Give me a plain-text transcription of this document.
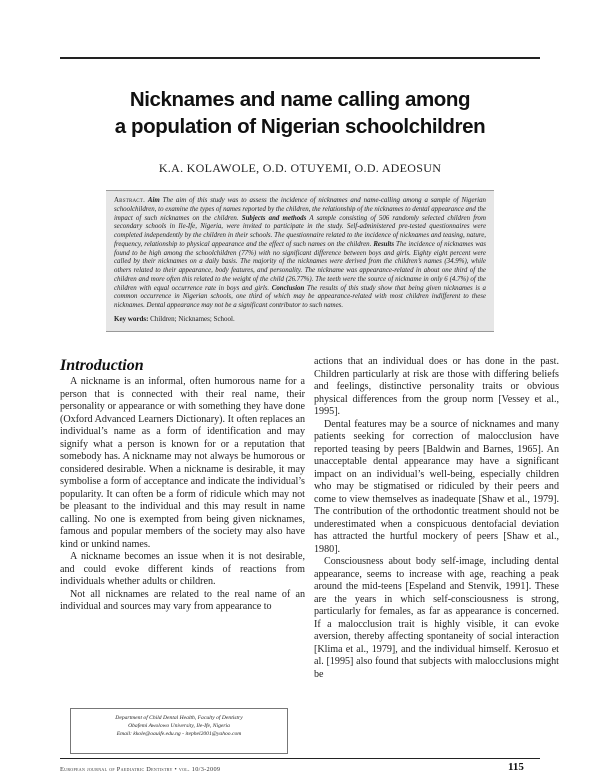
Nicknames and name calling among
a population of Nigerian schoolchildren
K.A. KOLAWOLE, O.D. OTUYEMI, O.D. ADEOSUN

Abstract. Aim The aim of this study was to assess the incidence of nicknames and name-calling among a sample of Nigerian schoolchildren, to examine the types of names reported by the children, the relationship of the nicknames to dental appearance and the impact of such nicknames on the children. Subjects and methods A sample consisting of 506 randomly selected children from secondary schools in Ile-Ife, Nigeria, were invited to participate in the study. Self-administered pre-tested questionnaires were completed independently by the children in their schools. The questionnaire related to the incidence of nicknames and teasing, nature, frequency, relationship to physical appearance and the effect of such names on the children. Results The incidence of nicknames was found to be high among the schoolchildren (77%) with no significant difference between boys and girls. Eighty eight percent were called by their nicknames on a daily basis. The majority of the nicknames were derived from the children’s names (34.9%), while others related to their appearance, body features, and personality. The nickname was appearance-related in about one third of the children and more often this related to the weight of the child (26.77%). The teeth were the source of nickname in only 6 (4.7%) of the children with equal occurrence rate in boys and girls. Conclusion The results of this study show that being given nicknames is a common occurrence in Nigerian schools, one third of which may be appearance-related with most children indifferent to these nicknames. Dental appearance may not be a significant contributor to such names.

Key words: Children; Nicknames; School.

Introduction

A nickname is an informal, often humorous name for a person that is connected with their real name, their personality or appearance or with something they have done (Oxford Advanced Learners Dictionary). It often replaces an individual’s name as a form of identification and may signify what a person is known for or a reputation that somebody has. A nickname may not always be humorous or considered desirable. When a nickname is desirable, it may symbolise a form of acceptance and indicate the individual’s popularity. It can often be a form of ridicule which may not be pleasant to the individual and this may result in name calling. No one is exempted from being given nicknames, famous and popular members of the society may also have kind or unkind names.

A nickname becomes an issue when it is not desirable, and could evoke different kinds of reactions from individuals whether adults or children.

Not all nicknames are related to the real name of an individual and sources may vary from appearance to

actions that an individual does or has done in the past. Children particularly at risk are those with differing beliefs and feelings, distinctive personality traits or obvious physical differences from the group norm [Vessey et al., 1995].

Dental features may be a source of nicknames and many patients seeking for correction of malocclusion have reported teasing by peers [Baldwin and Barnes, 1965]. An unacceptable dental appearance may have a significant impact on an individual’s well-being, especially children who may be stigmatised or ridiculed by their peers and come to view themselves as inadequate [Shaw et al., 1979]. The contribution of the orthodontic treatment should not be underestimated when a conspicuous dentofacial deviation has attracted the hurtful mockery of peers [Shaw et al., 1980].

Consciousness about body self-image, including dental appearance, seems to increase with age, reaching a peak around the mid-teens [Espeland and Stenvik, 1991]. These are the years in which self-consciousness is strong, particularly for females, as far as appearance is concerned. If a malocclusion trait is highly visible, it can evoke aversion, thereby affecting spontaneity of social interaction [Klima et al., 1979], and the individual himself. Kerosuo et al. [1995] also found that subjects with malocclusions might be

Department of Child Dental Health, Faculty of Dentistry
Obafemi Awolowo University, Ile-Ife, Nigeria
Email: kkole@oauife.edu.ng - itephel2001@yahoo.com
European journal of Paediatric Dentistry • vol. 10/3-2009	115
